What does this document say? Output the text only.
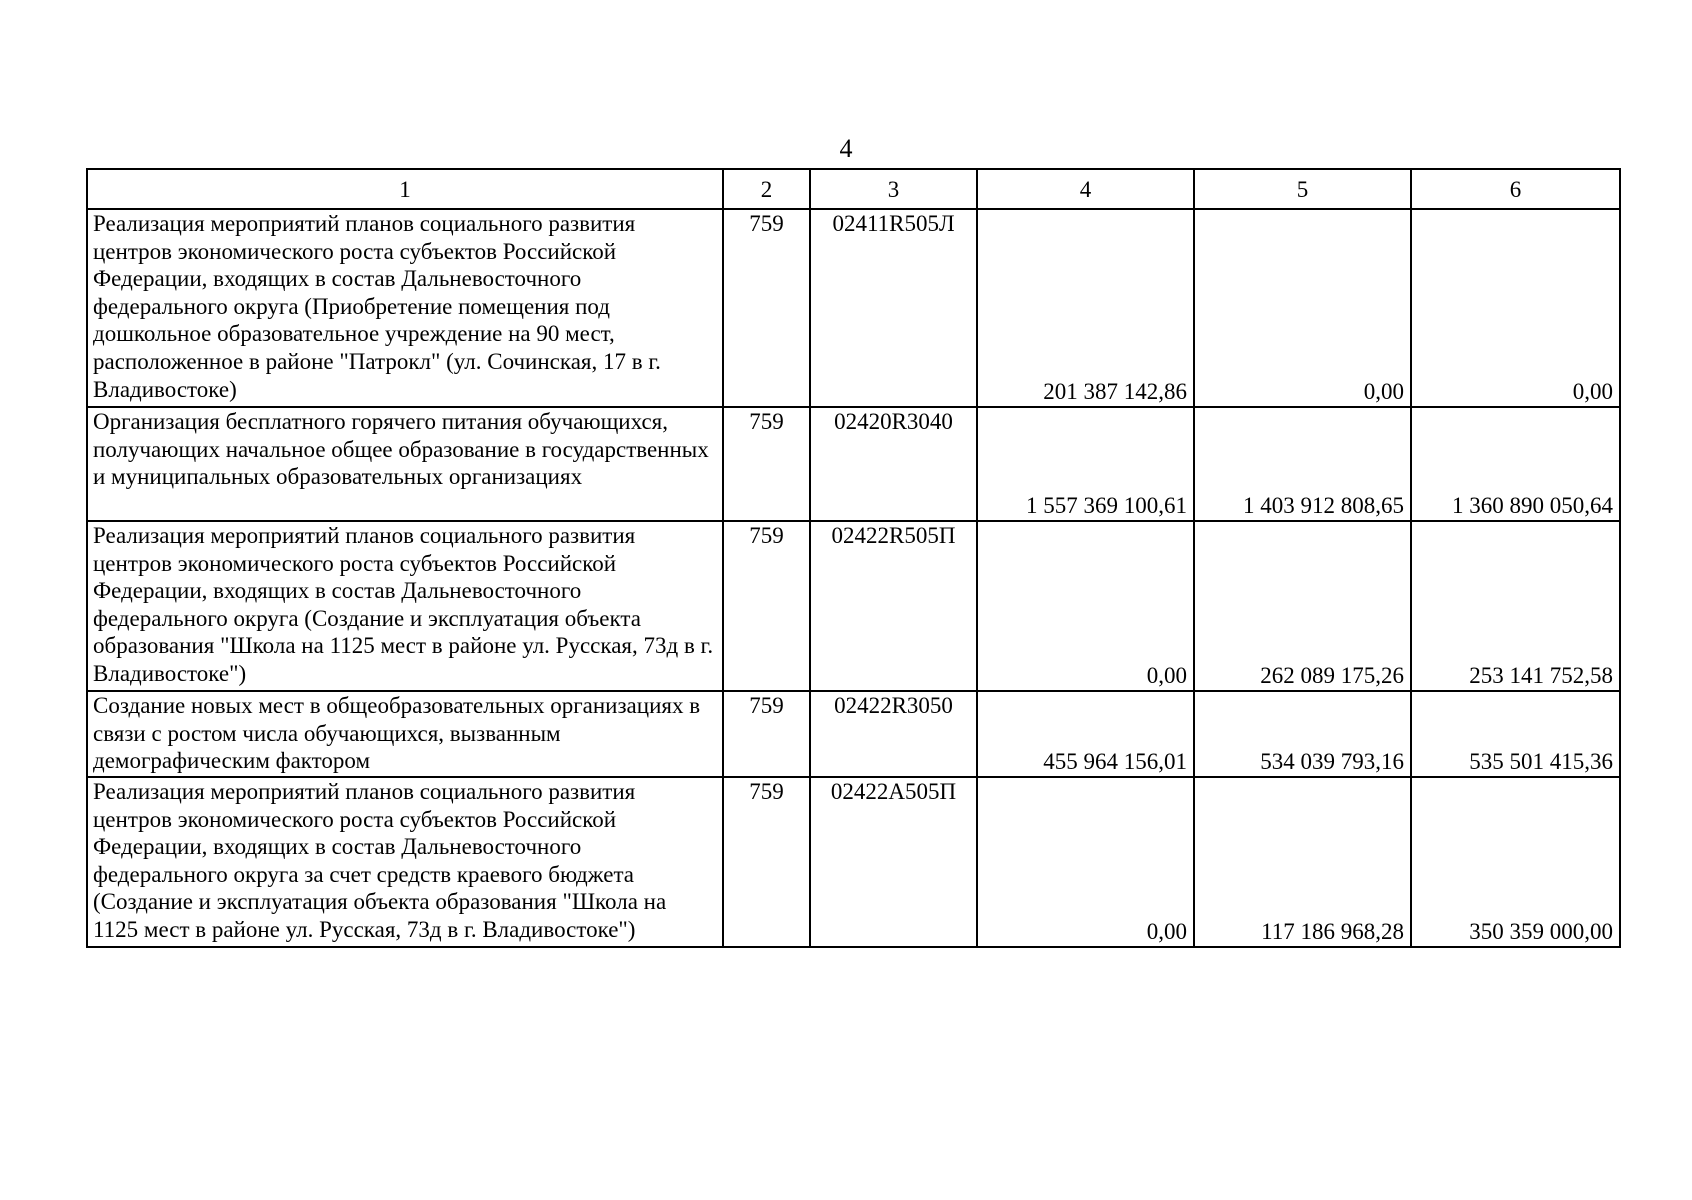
4
1	2	3	4	5	6
Реализация мероприятий планов социального развития центров экономического роста субъектов Российской Федерации, входящих в состав Дальневосточного федерального округа (Приобретение помещения под дошкольное образовательное учреждение на 90 мест, расположенное в районе "Патрокл" (ул. Сочинская, 17 в г. Владивостоке)	759	02411R505Л	201 387 142,86	0,00	0,00
Организация бесплатного горячего питания обучающихся, получающих начальное общее образование в государственных и муниципальных образовательных организациях	759	02420R3040	1 557 369 100,61	1 403 912 808,65	1 360 890 050,64
Реализация мероприятий планов социального развития центров экономического роста субъектов Российской Федерации, входящих в состав Дальневосточного федерального округа (Создание и эксплуатация объекта образования "Школа на 1125 мест в районе ул. Русская, 73д в г. Владивостоке")	759	02422R505П	0,00	262 089 175,26	253 141 752,58
Создание новых мест в общеобразовательных организациях в связи с ростом числа обучающихся, вызванным демографическим фактором	759	02422R3050	455 964 156,01	534 039 793,16	535 501 415,36
Реализация мероприятий планов социального развития центров экономического роста субъектов Российской Федерации, входящих в состав Дальневосточного федерального округа за счет средств краевого бюджета (Создание и эксплуатация объекта образования "Школа на 1125 мест в районе ул. Русская, 73д в г. Владивостоке")	759	02422А505П	0,00	117 186 968,28	350 359 000,00
